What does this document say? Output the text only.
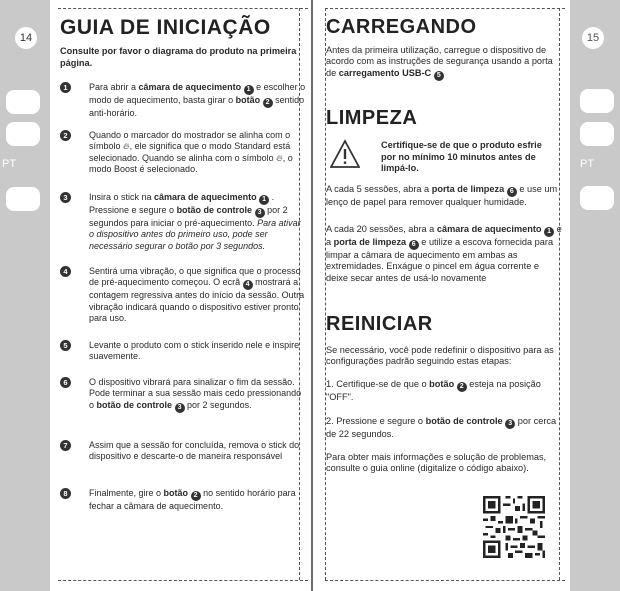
14
PT
15
PT
GUIA DE INICIAÇÃO
Consulte por favor o diagrama do produto na primeira página.
1	Para abrir a câmara de aquecimento 1 e escolher o modo de aquecimento, basta girar o botão 2 sentido anti-horário.
2	Quando o marcador do mostrador se alinha com o símbolo 🔥︎, ele significa que o modo Standard está selecionado. Quando se alinha com o símbolo 🔥︎, o modo Boost é selecionado.
3	Insira o stick na câmara de aquecimento 1 . Pressione e segure o botão de controle 3 por 2 segundos para iniciar o pré-aquecimento. Para ativar o dispositivo antes do primeiro uso, pode ser necessário segurar o botão por 3 segundos.
4	Sentirá uma vibração, o que significa que o processo de pré-aquecimento começou. O ecrã 4 mostrará a contagem regressiva antes do início da sessão. Outra vibração indicará quando o dispositivo estiver pronto para uso.
5	Levante o produto com o stick inserido nele e inspire suavemente.
6	O dispositivo vibrará para sinalizar o fim da sessão. Pode terminar a sua sessão mais cedo pressionando o botão de controle 3 por 2 segundos.
7	Assim que a sessão for concluída, remova o stick do dispositivo e descarte-o de maneira responsável
8	Finalmente, gire o botão 2 no sentido horário para fechar a câmara de aquecimento.
CARREGANDO
Antes da primeira utilização, carregue o dispositivo de acordo com as instruções de segurança usando a porta de carregamento USB-C 5
LIMPEZA
Certifique-se de que o produto esfrie por no mínimo 10 minutos antes de limpá-lo.
A cada 5 sessões, abra a porta de limpeza 6 e use um lenço de papel para remover qualquer humidade.
A cada 20 sessões, abra a câmara de aquecimento 1 e a porta de limpeza 6 e utilize a escova fornecida para limpar a câmara de aquecimento em ambas as extremidades. Enxágue o pincel em água corrente e deixe secar antes de usá-lo novamente
REINICIAR
Se necessário, você pode redefinir o dispositivo para as configurações padrão seguindo estas etapas:
1. Certifique-se de que o botão 2 esteja na posição "OFF".
2. Pressione e segure o botão de controle 3 por cerca de 22 segundos.
Para obter mais informações e solução de problemas, consulte o guia online (digitalize o código abaixo).
